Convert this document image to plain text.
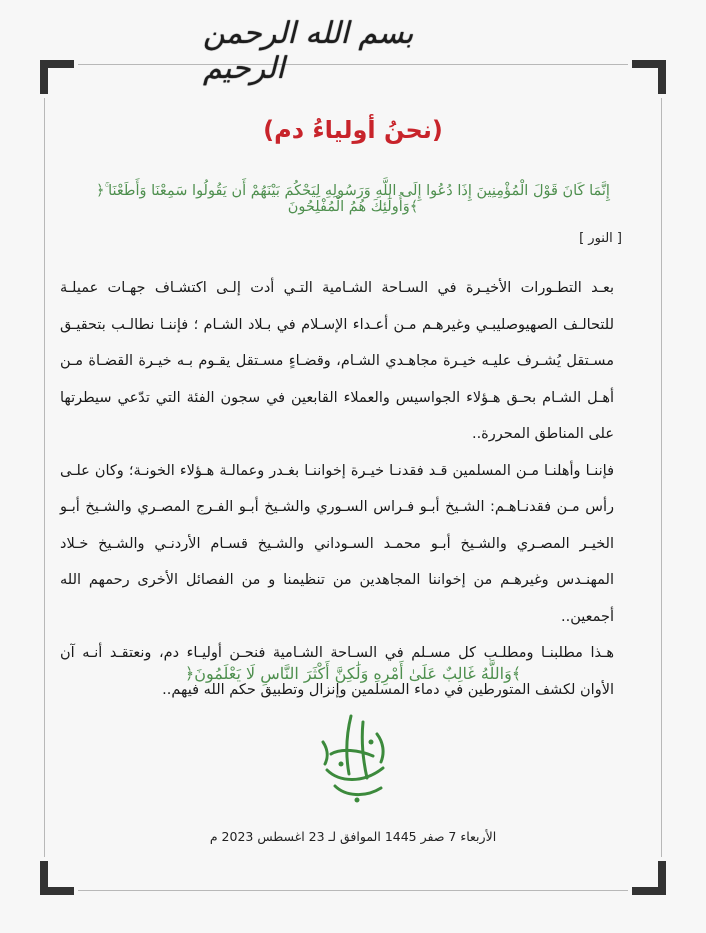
بسم الله الرحمن الرحيم
(نحنُ أولياءُ دم)
﴿إِنَّمَا كَانَ قَوْلَ الْمُؤْمِنِينَ إِذَا دُعُوا إِلَى اللَّهِ وَرَسُولِهِ لِيَحْكُمَ بَيْنَهُمْ أَن يَقُولُوا سَمِعْنَا وَأَطَعْنَا ۚ وَأُولَٰئِكَ هُمُ الْمُفْلِحُونَ﴾
[ النور ]

بعـد التطـورات الأخيـرة في السـاحة الشـامية التـي أدت إلـى اكتشـاف جهـات عميلـة للتحالـف الصهيوصليبـي وغيرهـم مـن أعـداء الإسـلام في بـلاد الشـام ؛ فإننـا نطالـب بتحقيـق مسـتقل يُشـرف عليـه خيـرة مجاهـدي الشـام، وقضـاءٍ مسـتقل يقـوم بـه خيـرة القضـاة مـن أهـل الشـام بحـق هـؤلاء الجواسيس والعملاء القابعين في سجون الفئة التي تدّعي سيطرتها على المناطق المحررة..

فإننـا وأهلنـا مـن المسلمين قـد فقدنـا خيـرة إخواننـا بغـدر وعمالـة هـؤلاء الخونـة؛ وكان علـى رأس مـن فقدنـاهـم: الشـيخ أبـو فـراس السـوري والشـيخ أبـو الفـرج المصـري والشـيخ أبـو الخيـر المصـري والشـيخ أبـو محمـد السـوداني والشـيخ قسـام الأردنـي والشـيخ خـلاد المهنـدس وغيرهـم من إخواننا المجاهدين من تنظيمنا و من الفصائل الأخرى رحمهم الله أجمعين..

هـذا مطلبنـا ومطلـب كل مسـلم في السـاحة الشـامية فنحـن أوليـاء دم، ونعتقـد أنـه آن الأوان لكشف المتورطين في دماء المسلمين وإنزال وتطبيق حكم الله فيهم..

﴿وَاللَّهُ غَالِبٌ عَلَىٰ أَمْرِهِ وَلَٰكِنَّ أَكْثَرَ النَّاسِ لَا يَعْلَمُونَ﴾
الأربعاء 7 صفر 1445 الموافق لـ 23 اغسطس 2023 م
